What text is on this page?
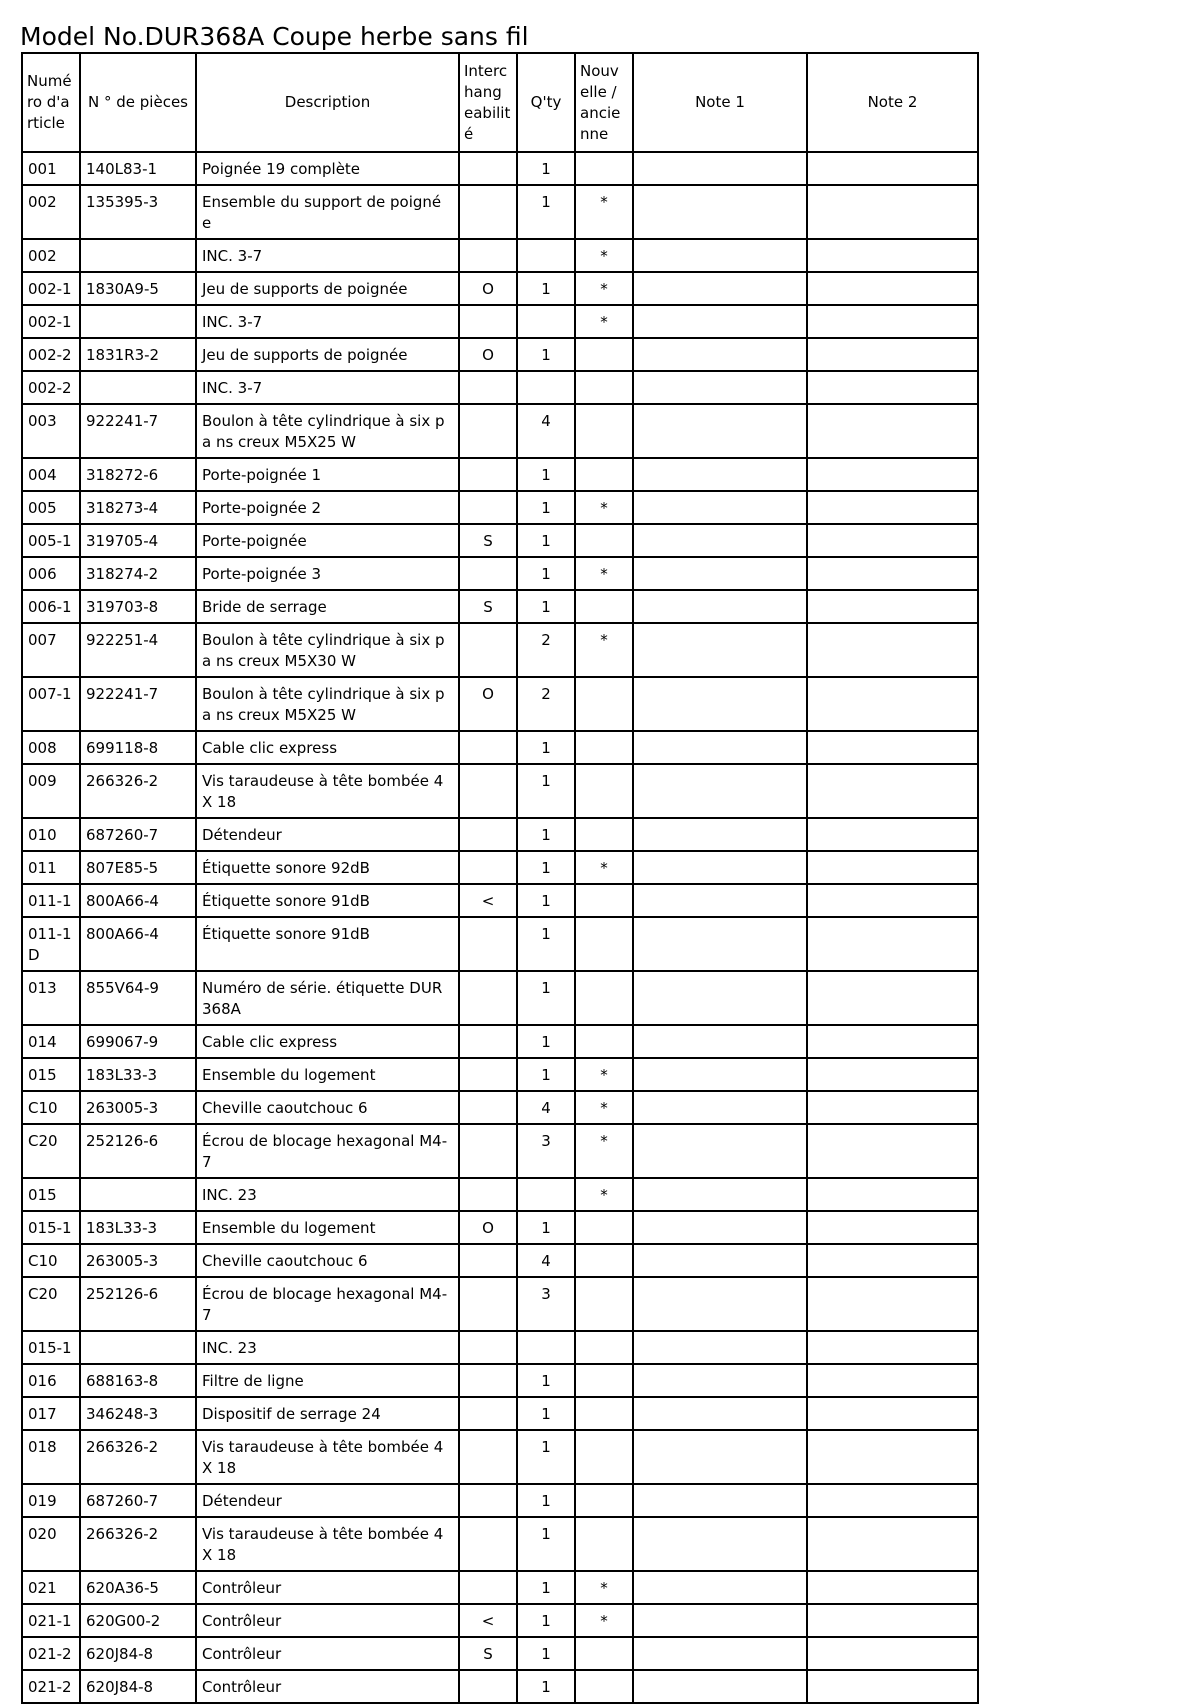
Model No.DUR368A Coupe herbe sans fil
Numé ro d'a rticle	N ° de pièces	Description	Interc hang eabilit é	Q'ty	Nouv elle / ancie nne	Note 1	Note 2
001	140L83-1	Poignée 19 complète		1			
002	135395-3	Ensemble du support de poigné e		1	*		
002		INC. 3-7			*		
002-1	1830A9-5	Jeu de supports de poignée	O	1	*		
002-1		INC. 3-7			*		
002-2	1831R3-2	Jeu de supports de poignée	O	1			
002-2		INC. 3-7					
003	922241-7	Boulon à tête cylindrique à six pa ns creux M5X25 W		4			
004	318272-6	Porte-poignée 1		1			
005	318273-4	Porte-poignée 2		1	*		
005-1	319705-4	Porte-poignée	S	1			
006	318274-2	Porte-poignée 3		1	*		
006-1	319703-8	Bride de serrage	S	1			
007	922251-4	Boulon à tête cylindrique à six pa ns creux M5X30 W		2	*		
007-1	922241-7	Boulon à tête cylindrique à six pa ns creux M5X25 W	O	2			
008	699118-8	Cable clic express		1			
009	266326-2	Vis taraudeuse à tête bombée 4X 18		1			
010	687260-7	Détendeur		1			
011	807E85-5	Étiquette sonore 92dB		1	*		
011-1	800A66-4	Étiquette sonore 91dB	<	1			
011-1 D	800A66-4	Étiquette sonore 91dB		1			
013	855V64-9	Numéro de série. étiquette DUR 368A		1			
014	699067-9	Cable clic express		1			
015	183L33-3	Ensemble du logement		1	*		
C10	263005-3	Cheville caoutchouc 6		4	*		
C20	252126-6	Écrou de blocage hexagonal M4- 7		3	*		
015		INC. 23			*		
015-1	183L33-3	Ensemble du logement	O	1			
C10	263005-3	Cheville caoutchouc 6		4			
C20	252126-6	Écrou de blocage hexagonal M4- 7		3			
015-1		INC. 23					
016	688163-8	Filtre de ligne		1			
017	346248-3	Dispositif de serrage 24		1			
018	266326-2	Vis taraudeuse à tête bombée 4X 18		1			
019	687260-7	Détendeur		1			
020	266326-2	Vis taraudeuse à tête bombée 4X 18		1			
021	620A36-5	Contrôleur		1	*		
021-1	620G00-2	Contrôleur	<	1	*		
021-2	620J84-8	Contrôleur	S	1			
021-2	620J84-8	Contrôleur		1			
